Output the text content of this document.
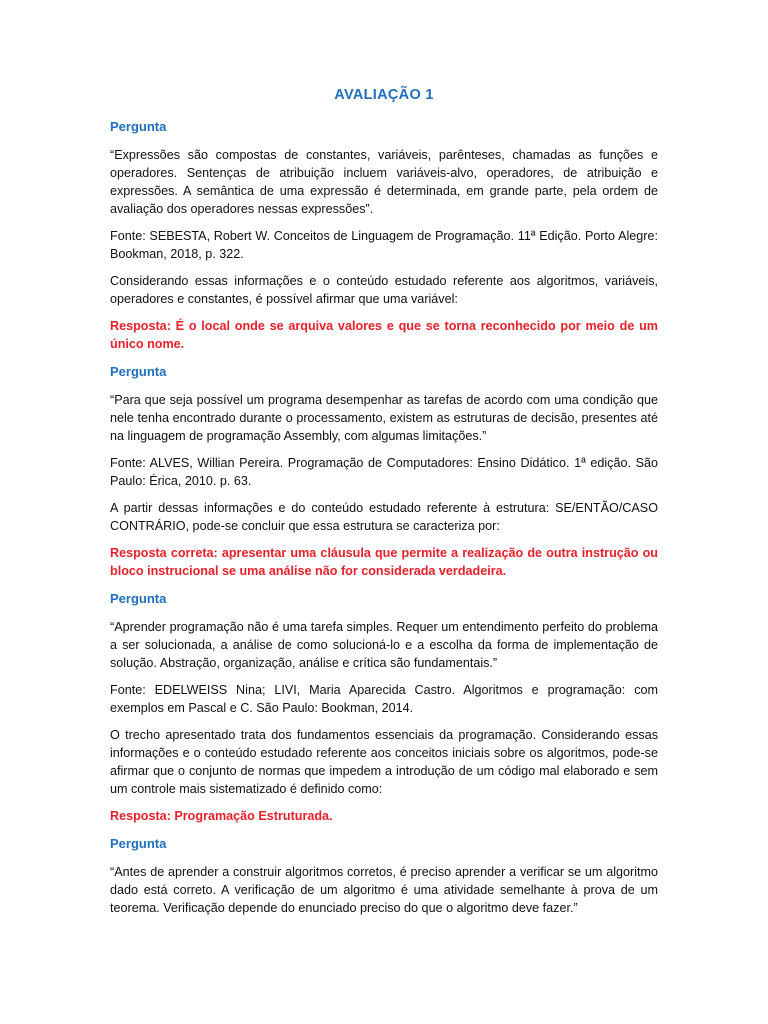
AVALIAÇÃO 1
Pergunta

“Expressões são compostas de constantes, variáveis, parênteses, chamadas as funções e operadores. Sentenças de atribuição incluem variáveis-alvo, operadores, de atribuição e expressões. A semântica de uma expressão é determinada, em grande parte, pela ordem de avaliação dos operadores nessas expressões”.

Fonte: SEBESTA, Robert W. Conceitos de Linguagem de Programação. 11ª Edição. Porto Alegre: Bookman, 2018, p. 322.

Considerando essas informações e o conteúdo estudado referente aos algoritmos, variáveis, operadores e constantes, é possível afirmar que uma variável:

Resposta: É o local onde se arquiva valores e que se torna reconhecido por meio de um único nome.

Pergunta

“Para que seja possível um programa desempenhar as tarefas de acordo com uma condição que nele tenha encontrado durante o processamento, existem as estruturas de decisão, presentes até na linguagem de programação Assembly, com algumas limitações.”

Fonte: ALVES, Willian Pereira. Programação de Computadores: Ensino Didático. 1ª edição. São Paulo: Érica, 2010. p. 63.

A partir dessas informações e do conteúdo estudado referente à estrutura: SE/ENTÃO/CASO CONTRÁRIO, pode-se concluir que essa estrutura se caracteriza por:

Resposta correta: apresentar uma cláusula que permite a realização de outra instrução ou bloco instrucional se uma análise não for considerada verdadeira.

Pergunta

“Aprender programação não é uma tarefa simples. Requer um entendimento perfeito do problema a ser solucionada, a análise de como solucioná-lo e a escolha da forma de implementação de solução. Abstração, organização, análise e crítica são fundamentais.”

Fonte: EDELWEISS Nina; LIVI, Maria Aparecida Castro. Algoritmos e programação: com exemplos em Pascal e C. São Paulo: Bookman, 2014.

O trecho apresentado trata dos fundamentos essenciais da programação. Considerando essas informações e o conteúdo estudado referente aos conceitos iniciais sobre os algoritmos, pode-se afirmar que o conjunto de normas que impedem a introdução de um código mal elaborado e sem um controle mais sistematizado é definido como:

Resposta: Programação Estruturada.

Pergunta

“Antes de aprender a construir algoritmos corretos, é preciso aprender a verificar se um algoritmo dado está correto. A verificação de um algoritmo é uma atividade semelhante à prova de um teorema. Verificação depende do enunciado preciso do que o algoritmo deve fazer.”
